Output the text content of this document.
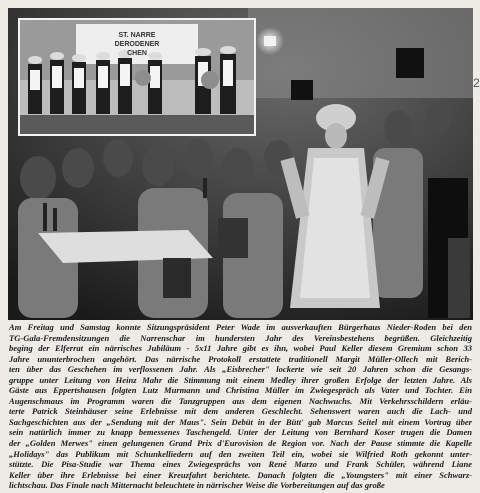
ST. NARRE
DERODENER
CHEN
2
Am Freitag und Samstag konnte Sitzungspräsident Peter Wade im ausverkauften Bürgerhaus Nieder-Roden bei den
TG-Gala-Fremdensitzungen die Narrenschar im hundersten Jahr des Vereinsbestehens begrüßen. Gleichzeitig
beging der Elferrat ein närrisches Jubiläum - 5x11 Jahre gibt es ihn, wobei Paul Keller diesem Gremium schon 33
Jahre ununterbrochen angehört. Das närrische Protokoll erstattete traditionell Margit Müller-Ollech mit Berich-
ten über das Geschehen im verflossenen Jahr. Als „Eisbrecher" lockerte wie seit 20 Jahren schon die Gesangs-
gruppe unter Leitung von Heinz Mahr die Stimmung mit einem Medley ihrer großen Erfolge der letzten Jahre. Als
Gäste aus Eppertshausen folgten Lutz Murmann und Christina Müller im Zwiegespräch als Vater und Tochter. Ein
Augenschmaus im Programm waren die Tanzgruppen aus dem eigenen Nachwuchs. Mit Verkehrsschildern erläu-
terte Patrick Steinhäuser seine Erlebnisse mit dem anderen Geschlecht. Sehenswert waren auch die Lach- und
Sachgeschichten aus der „Sendung mit der Maus". Sein Debüt in der Bütt' gab Marcus Seitel mit einem Vortrag über
sein natürlich immer zu knapp bemessenes Taschengeld. Unter der Leitung von Bernhard Koser trugen die Damen
der „Golden Merwes" einen gelungenen Grand Prix d'Eurovision de Region vor. Nach der Pause stimmte die Kapelle
„Holidays" das Publikum mit Schunkelliedern auf den zweiten Teil ein, wobei sie Wilfried Roth gekonnt unter-
stützte. Die Pisa-Studie war Thema eines Zwiegesprächs von René Marzo und Frank Schüler, während Liane
Keller über ihre Erlebnisse bei einer Kreuzfahrt berichtete. Danach folgten die „Youngsters" mit einer Schwarz-
lichtschau. Das Finale nach Mitternacht beleuchtete in närrischer Weise die Vorbereitungen auf das große
